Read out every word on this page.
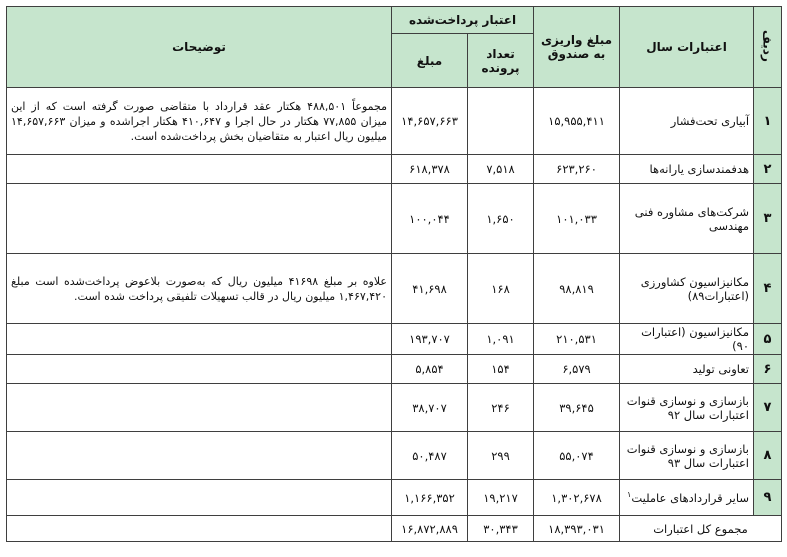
ردیف	اعتبارات سال	مبلغ واریزی به صندوق	اعتبار پرداخت‌شده		توضیحات
			تعداد پرونده	مبلغ	
۱	آبیاری تحت‌فشار	۱۵,۹۵۵,۴۱۱		۱۴,۶۵۷,۶۶۳	مجموعاً ۴۸۸,۵۰۱ هکتار عقد قرارداد با متقاضی صورت گرفته است که از این میزان ۷۷,۸۵۵ هکتار در حال اجرا و ۴۱۰,۶۴۷ هکتار اجراشده و میزان ۱۴,۶۵۷,۶۶۳ میلیون ریال اعتبار به متقاضیان بخش پرداخت‌شده است.
۲	هدفمندسازی یارانه‌ها	۶۲۳,۲۶۰	۷,۵۱۸	۶۱۸,۳۷۸	
۳	شرکت‌های مشاوره فنی مهندسی	۱۰۱,۰۳۳	۱,۶۵۰	۱۰۰,۰۴۴	
۴	مکانیزاسیون کشاورزی (اعتبارات۸۹)	۹۸,۸۱۹	۱۶۸	۴۱,۶۹۸	علاوه بر مبلغ ۴۱۶۹۸ میلیون ریال که به‌صورت بلاعوض پرداخت‌شده است مبلغ ۱,۴۶۷,۴۲۰ میلیون ریال در قالب تسهیلات تلفیقی پرداخت شده است.
۵	مکانیزاسیون (اعتبارات ۹۰)	۲۱۰,۵۳۱	۱,۰۹۱	۱۹۳,۷۰۷	
۶	تعاونی تولید	۶,۵۷۹	۱۵۴	۵,۸۵۴	
۷	بازسازی و نوسازی قنوات اعتبارات سال ۹۲	۳۹,۶۴۵	۲۴۶	۳۸,۷۰۷	
۸	بازسازی و نوسازی قنوات اعتبارات سال ۹۳	۵۵,۰۷۴	۲۹۹	۵۰,۴۸۷	
۹	سایر قراردادهای عاملیت$^۱$	۱,۳۰۲,۶۷۸	۱۹,۲۱۷	۱,۱۶۶,۳۵۲	
مجموع کل اعتبارات		۱۸,۳۹۳,۰۳۱	۳۰,۳۴۳	۱۶,۸۷۲,۸۸۹	
